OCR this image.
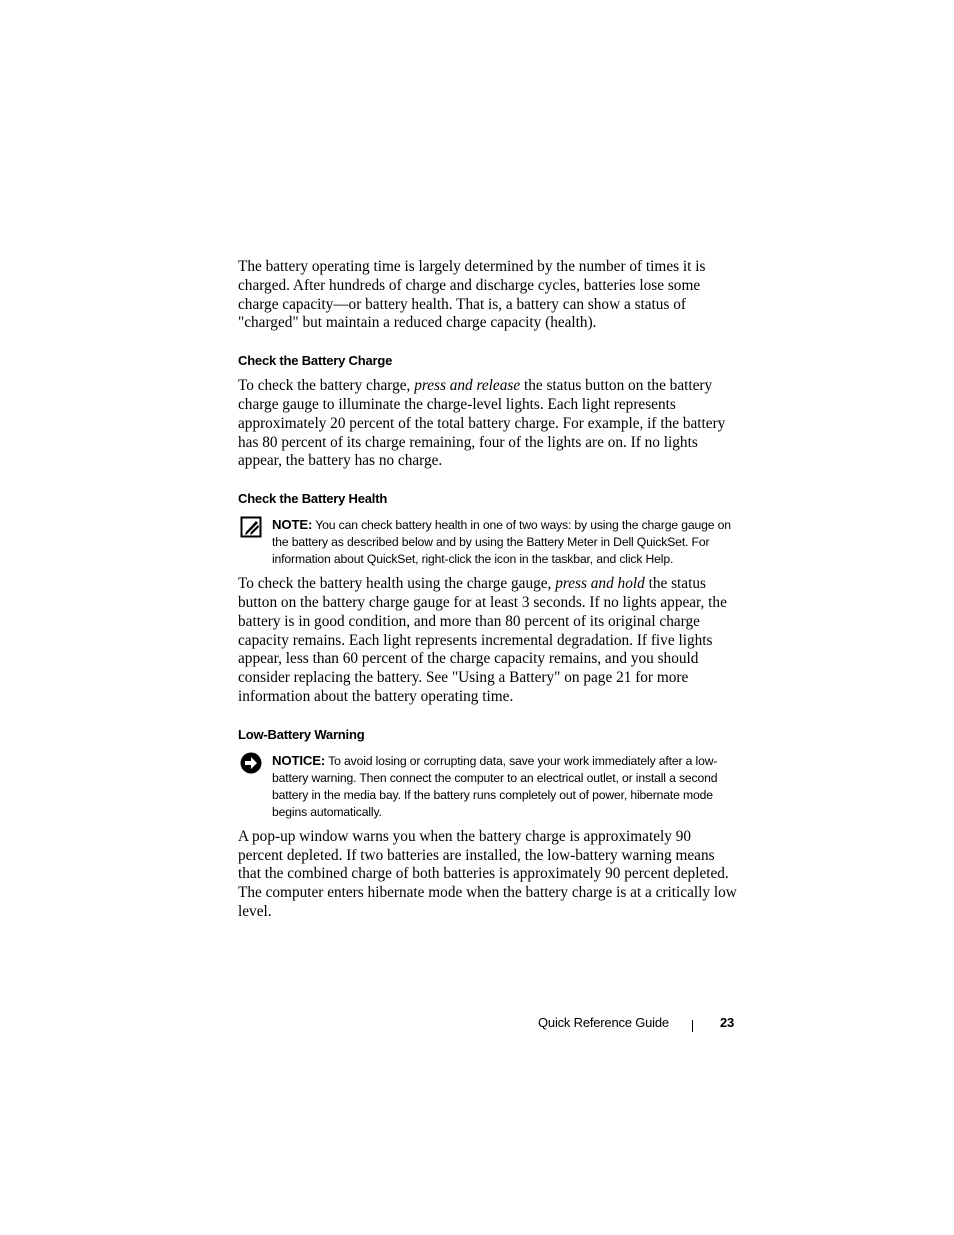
The battery operating time is largely determined by the number of times it is charged. After hundreds of charge and discharge cycles, batteries lose some charge capacity—or battery health. That is, a battery can show a status of "charged" but maintain a reduced charge capacity (health).

Check the Battery Charge

To check the battery charge, press and release the status button on the battery charge gauge to illuminate the charge-level lights. Each light represents approximately 20 percent of the total battery charge. For example, if the battery has 80 percent of its charge remaining, four of the lights are on. If no lights appear, the battery has no charge.

Check the Battery Health
NOTE: You can check battery health in one of two ways: by using the charge gauge on the battery as described below and by using the Battery Meter in Dell QuickSet. For information about QuickSet, right-click the icon in the taskbar, and click Help.

To check the battery health using the charge gauge, press and hold the status button on the battery charge gauge for at least 3 seconds. If no lights appear, the battery is in good condition, and more than 80 percent of its original charge capacity remains. Each light represents incremental degradation. If five lights appear, less than 60 percent of the charge capacity remains, and you should consider replacing the battery. See "Using a Battery" on page 21 for more information about the battery operating time.

Low-Battery Warning
NOTICE: To avoid losing or corrupting data, save your work immediately after a low-battery warning. Then connect the computer to an electrical outlet, or install a second battery in the media bay. If the battery runs completely out of power, hibernate mode begins automatically.

A pop-up window warns you when the battery charge is approximately 90 percent depleted. If two batteries are installed, the low-battery warning means that the combined charge of both batteries is approximately 90 percent depleted. The computer enters hibernate mode when the battery charge is at a critically low level.

Quick Reference Guide	23
